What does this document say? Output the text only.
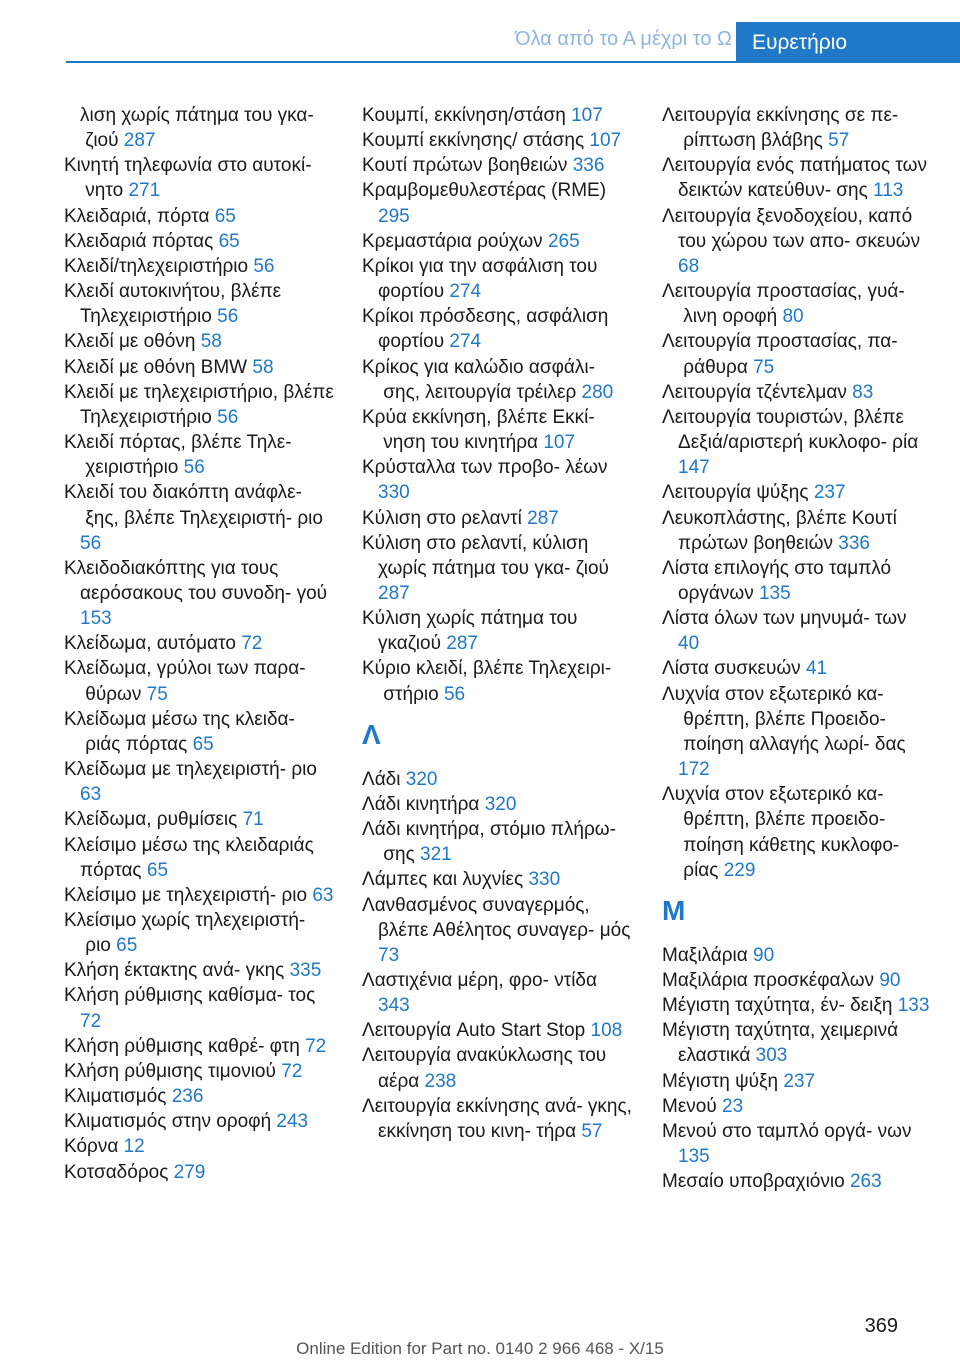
Όλα από το Α μέχρι το Ω Ευρετήριο
λιση χωρίς πάτημα του γκα- ζιού 287
Κινητή τηλεφωνία στο αυτοκί- νητο 271
Κλειδαριά, πόρτα 65
Κλειδαριά πόρτας 65
Κλειδί/τηλεχειριστήριο 56
Κλειδί αυτοκινήτου, βλέπε Τηλεχειριστήριο 56
Κλειδί με οθόνη 58
Κλειδί με οθόνη BMW 58
Κλειδί με τηλεχειριστήριο, βλέπε Τηλεχειριστήριο 56
Κλειδί πόρτας, βλέπε Τηλε- χειριστήριο 56
Κλειδί του διακόπτη ανάφλε- ξης, βλέπε Τηλεχειριστή- ριο 56
Κλειδοδιακόπτης για τους αερόσακους του συνοδη- γού 153
Κλείδωμα, αυτόματο 72
Κλείδωμα, γρύλοι των παρα- θύρων 75
Κλείδωμα μέσω της κλειδα- ριάς πόρτας 65
Κλείδωμα με τηλεχειριστή- ριο 63
Κλείδωμα, ρυθμίσεις 71
Κλείσιμο μέσω της κλειδαριάς πόρτας 65
Κλείσιμο με τηλεχειριστή- ριο 63
Κλείσιμο χωρίς τηλεχειριστή- ριο 65
Κλήση έκτακτης ανά- γκης 335
Κλήση ρύθμισης καθίσμα- τος 72
Κλήση ρύθμισης καθρέ- φτη 72
Κλήση ρύθμισης τιμονιού 72
Κλιματισμός 236
Κλιματισμός στην οροφή 243
Κόρνα 12
Κοτσαδόρος 279
Κουμπί, εκκίνηση/στάση 107
Κουμπί εκκίνησης/ στάσης 107
Κουτί πρώτων βοηθειών 336
Κραμβομεθυλεστέρας (RME) 295
Κρεμαστάρια ρούχων 265
Κρίκοι για την ασφάλιση του φορτίου 274
Κρίκοι πρόσδεσης, ασφάλιση φορτίου 274
Κρίκος για καλώδιο ασφάλι- σης, λειτουργία τρέιλερ 280
Κρύα εκκίνηση, βλέπε Εκκί- νηση του κινητήρα 107
Κρύσταλλα των προβο- λέων 330
Κύλιση στο ρελαντί 287
Κύλιση στο ρελαντί, κύλιση χωρίς πάτημα του γκα- ζιού 287
Κύλιση χωρίς πάτημα του γκαζιού 287
Κύριο κλειδί, βλέπε Τηλεχειρι- στήριο 56
Λ
Λάδι 320
Λάδι κινητήρα 320
Λάδι κινητήρα, στόμιο πλήρω- σης 321
Λάμπες και λυχνίες 330
Λανθασμένος συναγερμός, βλέπε Αθέλητος συναγερ- μός 73
Λαστιχένια μέρη, φρο- ντίδα 343
Λειτουργία Auto Start Stop 108
Λειτουργία ανακύκλωσης του αέρα 238
Λειτουργία εκκίνησης ανά- γκης, εκκίνηση του κινη- τήρα 57
Λειτουργία εκκίνησης σε πε- ρίπτωση βλάβης 57
Λειτουργία ενός πατήματος των δεικτών κατεύθυν- σης 113
Λειτουργία ξενοδοχείου, καπό του χώρου των απο- σκευών 68
Λειτουργία προστασίας, γυά- λινη οροφή 80
Λειτουργία προστασίας, πα- ράθυρα 75
Λειτουργία τζέντελμαν 83
Λειτουργία τουριστών, βλέπε Δεξιά/αριστερή κυκλοφο- ρία 147
Λειτουργία ψύξης 237
Λευκοπλάστης, βλέπε Κουτί πρώτων βοηθειών 336
Λίστα επιλογής στο ταμπλό οργάνων 135
Λίστα όλων των μηνυμά- των 40
Λίστα συσκευών 41
Λυχνία στον εξωτερικό κα- θρέπτη, βλέπε Προειδο- ποίηση αλλαγής λωρί- δας 172
Λυχνία στον εξωτερικό κα- θρέπτη, βλέπε προειδο- ποίηση κάθετης κυκλοφο- ρίας 229
Μ
Μαξιλάρια 90
Μαξιλάρια προσκέφαλων 90
Μέγιστη ταχύτητα, έν- δειξη 133
Μέγιστη ταχύτητα, χειμερινά ελαστικά 303
Μέγιστη ψύξη 237
Μενού 23
Μενού στο ταμπλό οργά- νων 135
Μεσαίο υποβραχιόνιο 263
369
Online Edition for Part no. 0140 2 966 468 - X/15
